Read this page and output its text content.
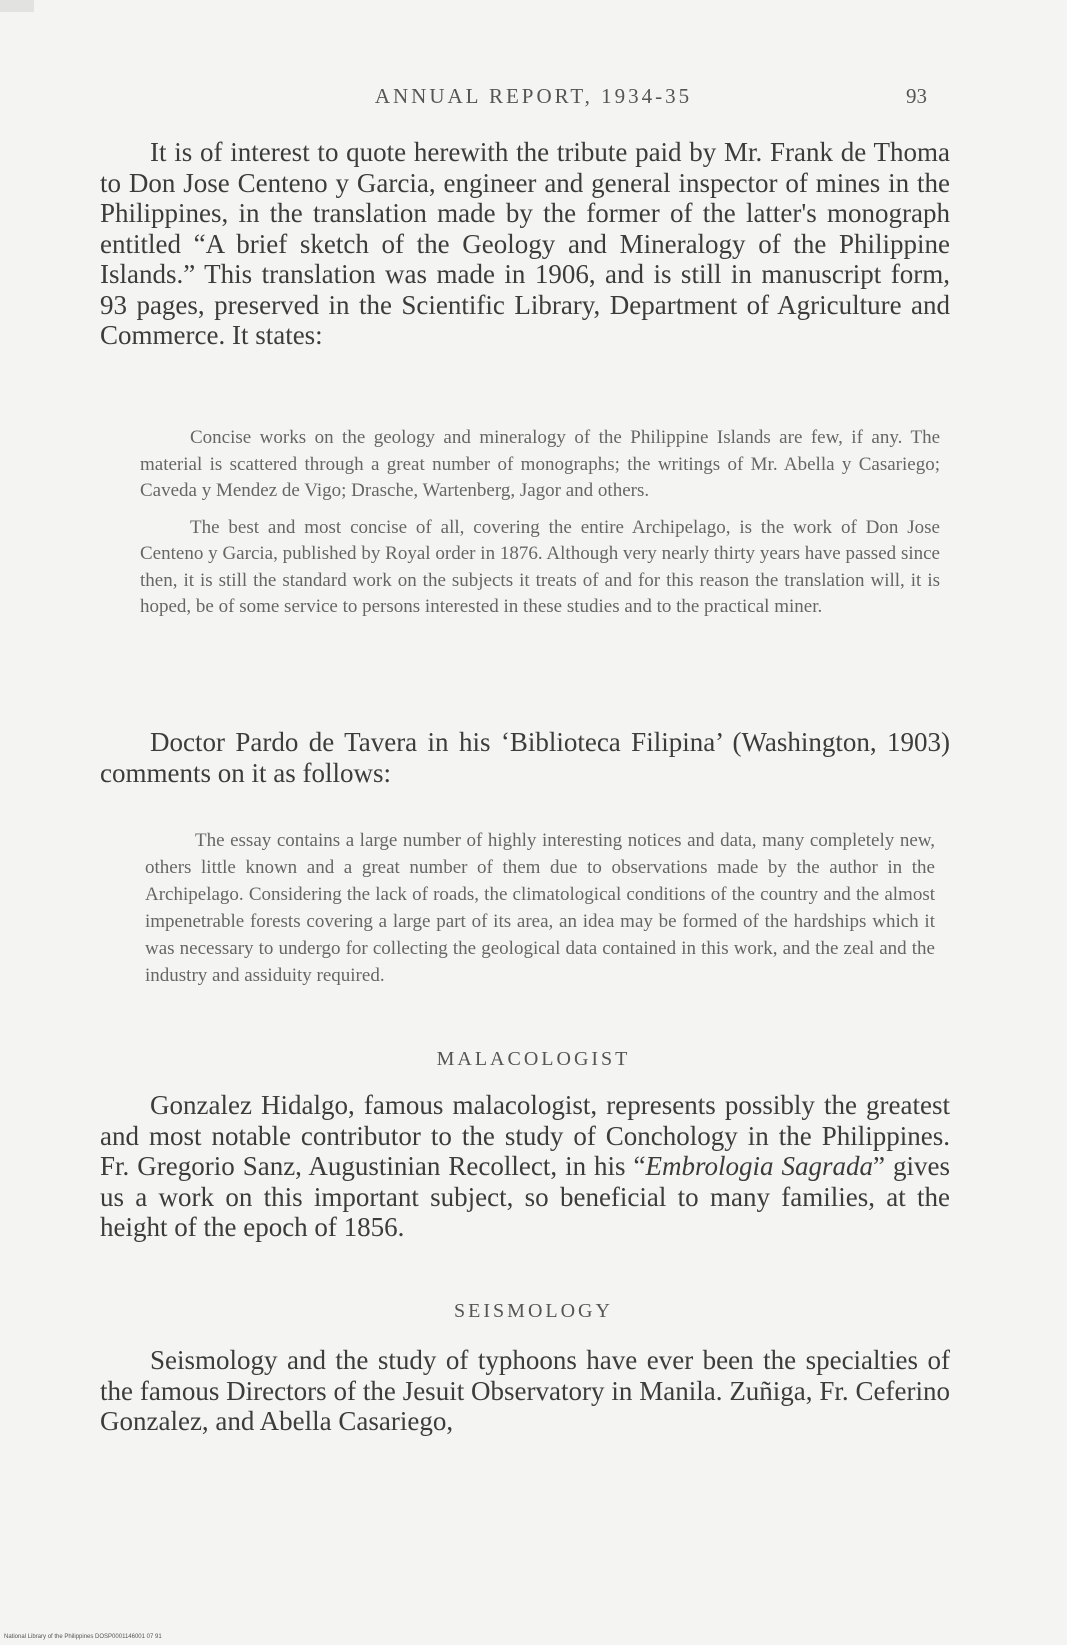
ANNUAL REPORT, 1934-35	93

It is of interest to quote herewith the tribute paid by Mr. Frank de Thoma to Don Jose Centeno y Garcia, engineer and general inspector of mines in the Philippines, in the translation made by the former of the latter's monograph entitled “A brief sketch of the Geology and Mineralogy of the Philippine Islands.” This translation was made in 1906, and is still in manuscript form, 93 pages, preserved in the Scientific Library, Department of Agriculture and Commerce. It states:

Concise works on the geology and mineralogy of the Philippine Islands are few, if any. The material is scattered through a great number of monographs; the writings of Mr. Abella y Casariego; Caveda y Mendez de Vigo; Drasche, Wartenberg, Jagor and others.

The best and most concise of all, covering the entire Archipelago, is the work of Don Jose Centeno y Garcia, published by Royal order in 1876. Although very nearly thirty years have passed since then, it is still the standard work on the subjects it treats of and for this reason the translation will, it is hoped, be of some service to persons interested in these studies and to the practical miner.

Doctor Pardo de Tavera in his ‘Biblioteca Filipina’ (Washington, 1903) comments on it as follows:

The essay contains a large number of highly interesting notices and data, many completely new, others little known and a great number of them due to observations made by the author in the Archipelago. Considering the lack of roads, the climatological conditions of the country and the almost impenetrable forests covering a large part of its area, an idea may be formed of the hardships which it was necessary to undergo for collecting the geological data contained in this work, and the zeal and the industry and assiduity required.

MALACOLOGIST

Gonzalez Hidalgo, famous malacologist, represents possibly the greatest and most notable contributor to the study of Conchology in the Philippines. Fr. Gregorio Sanz, Augustinian Recollect, in his “Embrologia Sagrada” gives us a work on this important subject, so beneficial to many families, at the height of the epoch of 1856.

SEISMOLOGY

Seismology and the study of typhoons have ever been the specialties of the famous Directors of the Jesuit Observatory in Manila. Zuñiga, Fr. Ceferino Gonzalez, and Abella Casariego,

National Library of the Philippines DOSP0001146001 07 91
